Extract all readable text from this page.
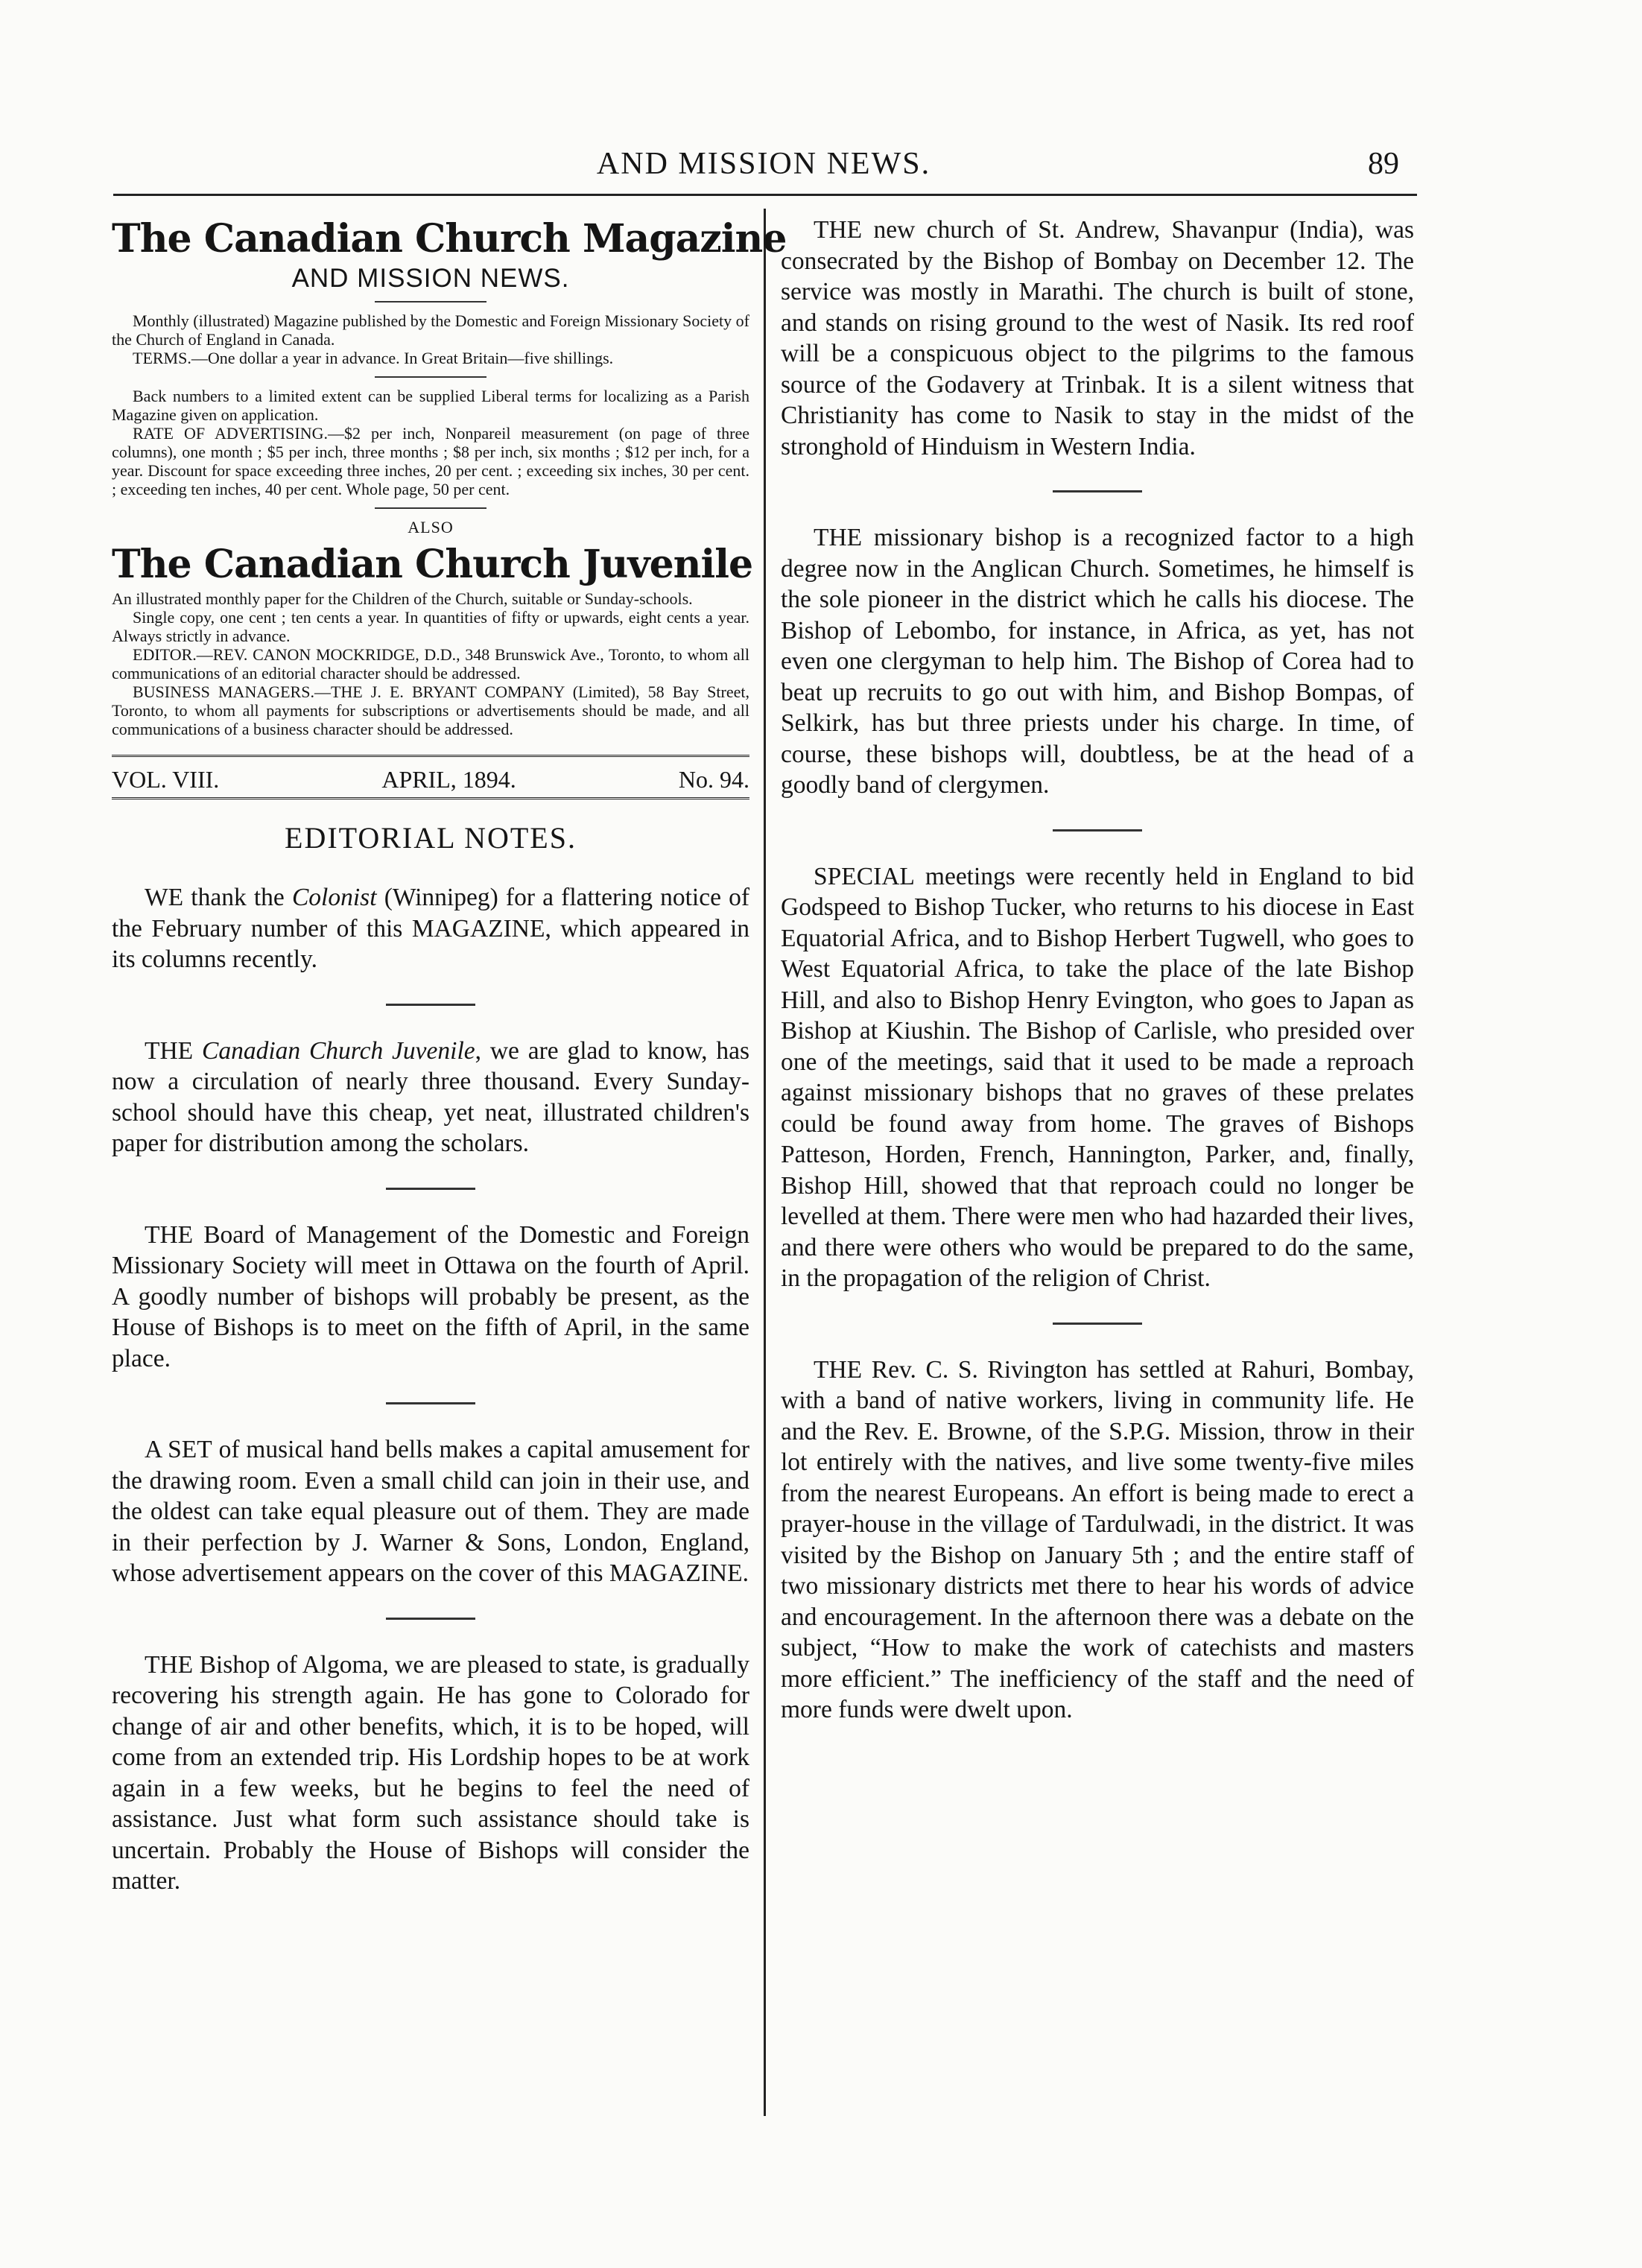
AND MISSION NEWS.	89
The Canadian Church Magazine
AND MISSION NEWS.

Monthly (illustrated) Magazine published by the Domestic and Foreign Missionary Society of the Church of England in Canada.

TERMS.—One dollar a year in advance. In Great Britain—five shillings.

Back numbers to a limited extent can be supplied Liberal terms for localizing as a Parish Magazine given on application.

RATE OF ADVERTISING.—$2 per inch, Nonpareil measurement (on page of three columns), one month ; $5 per inch, three months ; $8 per inch, six months ; $12 per inch, for a year. Discount for space exceeding three inches, 20 per cent. ; exceeding six inches, 30 per cent. ; exceeding ten inches, 40 per cent. Whole page, 50 per cent.

ALSO
The Canadian Church Juvenile

An illustrated monthly paper for the Children of the Church, suitable or Sunday-schools.

Single copy, one cent ; ten cents a year. In quantities of fifty or upwards, eight cents a year. Always strictly in advance.

EDITOR.—REV. CANON MOCKRIDGE, D.D., 348 Brunswick Ave., Toronto, to whom all communications of an editorial character should be addressed.

BUSINESS MANAGERS.—THE J. E. BRYANT COMPANY (Limited), 58 Bay Street, Toronto, to whom all payments for subscriptions or advertisements should be made, and all communications of a business character should be addressed.

VOL. VIII.	APRIL, 1894.	No. 94.
EDITORIAL NOTES.

WE thank the Colonist (Winnipeg) for a flattering notice of the February number of this MAGAZINE, which appeared in its columns recently.

THE Canadian Church Juvenile, we are glad to know, has now a circulation of nearly three thousand. Every Sunday-school should have this cheap, yet neat, illustrated children's paper for distribution among the scholars.

THE Board of Management of the Domestic and Foreign Missionary Society will meet in Ottawa on the fourth of April. A goodly number of bishops will probably be present, as the House of Bishops is to meet on the fifth of April, in the same place.

A SET of musical hand bells makes a capital amusement for the drawing room. Even a small child can join in their use, and the oldest can take equal pleasure out of them. They are made in their perfection by J. Warner & Sons, London, England, whose advertisement appears on the cover of this MAGAZINE.

THE Bishop of Algoma, we are pleased to state, is gradually recovering his strength again. He has gone to Colorado for change of air and other benefits, which, it is to be hoped, will come from an extended trip. His Lordship hopes to be at work again in a few weeks, but he begins to feel the need of assistance. Just what form such assistance should take is uncertain. Probably the House of Bishops will consider the matter.

THE new church of St. Andrew, Shavanpur (India), was consecrated by the Bishop of Bombay on December 12. The service was mostly in Marathi. The church is built of stone, and stands on rising ground to the west of Nasik. Its red roof will be a conspicuous object to the pilgrims to the famous source of the Godavery at Trinbak. It is a silent witness that Christianity has come to Nasik to stay in the midst of the stronghold of Hinduism in Western India.

THE missionary bishop is a recognized factor to a high degree now in the Anglican Church. Sometimes, he himself is the sole pioneer in the district which he calls his diocese. The Bishop of Lebombo, for instance, in Africa, as yet, has not even one clergyman to help him. The Bishop of Corea had to beat up recruits to go out with him, and Bishop Bompas, of Selkirk, has but three priests under his charge. In time, of course, these bishops will, doubtless, be at the head of a goodly band of clergymen.

SPECIAL meetings were recently held in England to bid Godspeed to Bishop Tucker, who returns to his diocese in East Equatorial Africa, and to Bishop Herbert Tugwell, who goes to West Equatorial Africa, to take the place of the late Bishop Hill, and also to Bishop Henry Evington, who goes to Japan as Bishop at Kiushin. The Bishop of Carlisle, who presided over one of the meetings, said that it used to be made a reproach against missionary bishops that no graves of these prelates could be found away from home. The graves of Bishops Patteson, Horden, French, Hannington, Parker, and, finally, Bishop Hill, showed that that reproach could no longer be levelled at them. There were men who had hazarded their lives, and there were others who would be prepared to do the same, in the propagation of the religion of Christ.

THE Rev. C. S. Rivington has settled at Rahuri, Bombay, with a band of native workers, living in community life. He and the Rev. E. Browne, of the S.P.G. Mission, throw in their lot entirely with the natives, and live some twenty-five miles from the nearest Europeans. An effort is being made to erect a prayer-house in the village of Tardulwadi, in the district. It was visited by the Bishop on January 5th ; and the entire staff of two missionary districts met there to hear his words of advice and encouragement. In the afternoon there was a debate on the subject, “How to make the work of catechists and masters more efficient.” The inefficiency of the staff and the need of more funds were dwelt upon.
